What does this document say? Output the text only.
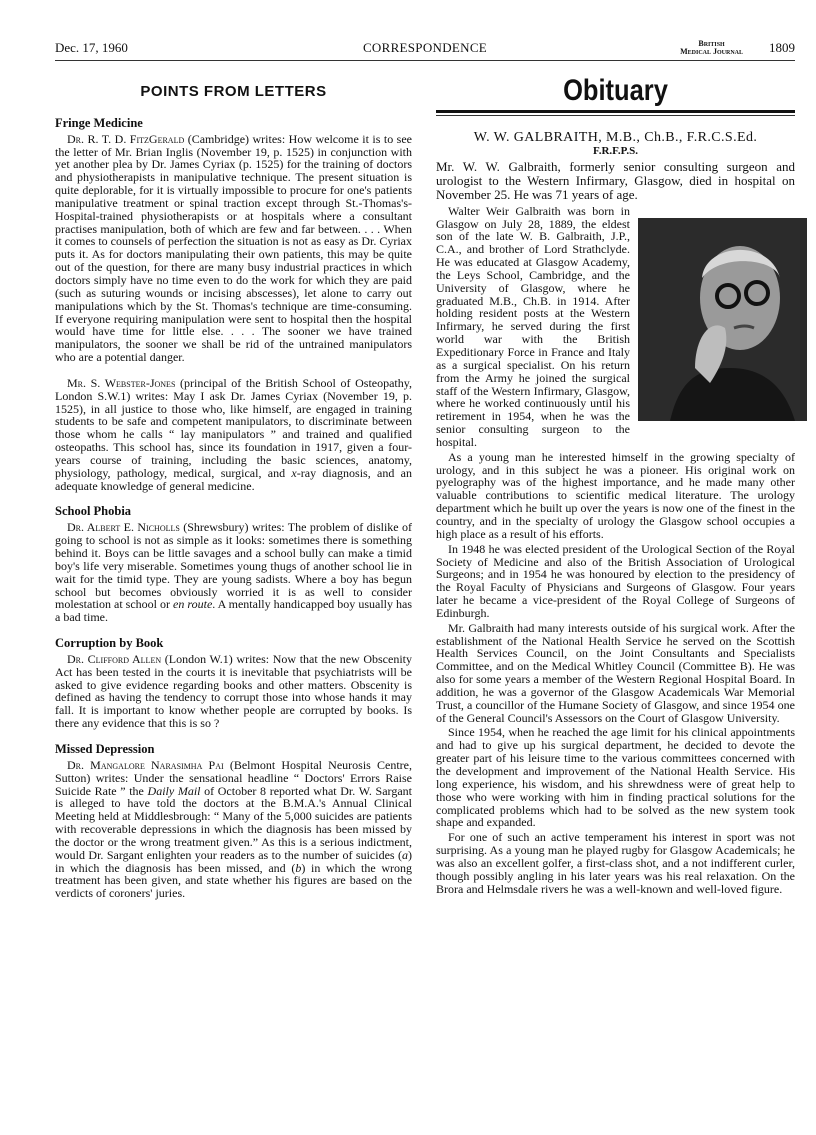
Dec. 17, 1960	CORRESPONDENCE	British
Medical Journal 1809
POINTS FROM LETTERS
Fringe Medicine

Dr. R. T. D. FitzGerald (Cambridge) writes: How welcome it is to see the letter of Mr. Brian Inglis (November 19, p. 1525) in conjunction with yet another plea by Dr. James Cyriax (p. 1525) for the training of doctors and physiotherapists in manipulative technique. The present situation is quite deplorable, for it is virtually impossible to procure for one's patients manipulative treatment or spinal traction except through St.-Thomas's-Hospital-trained physiotherapists or at hospitals where a consultant practises manipulation, both of which are few and far between. . . . When it comes to counsels of perfection the situation is not as easy as Dr. Cyriax puts it. As for doctors manipulating their own patients, this may be quite out of the question, for there are many busy industrial practices in which doctors simply have no time even to do the work for which they are paid (such as suturing wounds or incising abscesses), let alone to carry out manipulations which by the St. Thomas's technique are time-consuming. If everyone requiring manipulation were sent to hospital then the hospital would have time for little else. . . . The sooner we have trained manipulators, the sooner we shall be rid of the untrained manipulators who are a potential danger.

Mr. S. Webster-Jones (principal of the British School of Osteopathy, London S.W.1) writes: May I ask Dr. James Cyriax (November 19, p. 1525), in all justice to those who, like himself, are engaged in training students to be safe and competent manipulators, to discriminate between those whom he calls “ lay manipulators ” and trained and qualified osteopaths. This school has, since its foundation in 1917, given a four-years course of training, including the basic sciences, anatomy, physiology, pathology, medical, surgical, and x-ray diagnosis, and an adequate knowledge of general medicine.

School Phobia

Dr. Albert E. Nicholls (Shrewsbury) writes: The problem of dislike of going to school is not as simple as it looks: sometimes there is something behind it. Boys can be little savages and a school bully can make a timid boy's life very miserable. Sometimes young thugs of another school lie in wait for the timid type. They are young sadists. Where a boy has begun school but becomes obviously worried it is as well to consider molestation at school or en route. A mentally handicapped boy usually has a bad time.

Corruption by Book

Dr. Clifford Allen (London W.1) writes: Now that the new Obscenity Act has been tested in the courts it is inevitable that psychiatrists will be asked to give evidence regarding books and other matters. Obscenity is defined as having the tendency to corrupt those into whose hands it may fall. It is important to know whether people are corrupted by books. Is there any evidence that this is so ?

Missed Depression

Dr. Mangalore Narasimha Pai (Belmont Hospital Neurosis Centre, Sutton) writes: Under the sensational headline “ Doctors' Errors Raise Suicide Rate ” the Daily Mail of October 8 reported what Dr. W. Sargant is alleged to have told the doctors at the B.M.A.'s Annual Clinical Meeting held at Middlesbrough: “ Many of the 5,000 suicides are patients with recoverable depressions in which the diagnosis has been missed by the doctor or the wrong treatment given.” As this is a serious indictment, would Dr. Sargant enlighten your readers as to the number of suicides (a) in which the diagnosis has been missed, and (b) in which the wrong treatment has been given, and state whether his figures are based on the verdicts of coroners' juries.

Obituary
W. W. GALBRAITH, M.B., Ch.B., F.R.C.S.Ed.
F.R.F.P.S.

Mr. W. W. Galbraith, formerly senior consulting surgeon and urologist to the Western Infirmary, Glasgow, died in hospital on November 25. He was 71 years of age.

Walter Weir Galbraith was born in Glasgow on July 28, 1889, the eldest son of the late W. B. Galbraith, J.P., C.A., and brother of Lord Strathclyde. He was educated at Glasgow Academy, the Leys School, Cambridge, and the University of Glasgow, where he graduated M.B., Ch.B. in 1914. After holding resident posts at the Western Infirmary, he served during the first world war with the British Expeditionary Force in France and Italy as a surgical specialist. On his return from the Army he joined the surgical staff of the Western Infirmary, Glasgow, where he worked continuously until his retirement in 1954, when he was the senior consulting surgeon to the hospital.

As a young man he interested himself in the growing specialty of urology, and in this subject he was a pioneer. His original work on pyelography was of the highest importance, and he made many other valuable contributions to scientific medical literature. The urology department which he built up over the years is now one of the finest in the country, and in the specialty of urology the Glasgow school occupies a high place as a result of his efforts.

In 1948 he was elected president of the Urological Section of the Royal Society of Medicine and also of the British Association of Urological Surgeons; and in 1954 he was honoured by election to the presidency of the Royal Faculty of Physicians and Surgeons of Glasgow. Four years later he became a vice-president of the Royal College of Surgeons of Edinburgh.

Mr. Galbraith had many interests outside of his surgical work. After the establishment of the National Health Service he served on the Scottish Health Services Council, on the Joint Consultants and Specialists Committee, and on the Medical Whitley Council (Committee B). He was also for some years a member of the Western Regional Hospital Board. In addition, he was a governor of the Glasgow Academicals War Memorial Trust, a councillor of the Humane Society of Glasgow, and since 1954 one of the General Council's Assessors on the Court of Glasgow University.

Since 1954, when he reached the age limit for his clinical appointments and had to give up his surgical department, he decided to devote the greater part of his leisure time to the various committees concerned with the development and improvement of the National Health Service. His long experience, his wisdom, and his shrewdness were of great help to those who were working with him in finding practical solutions for the complicated problems which had to be solved as the new system took shape and expanded.

For one of such an active temperament his interest in sport was not surprising. As a young man he played rugby for Glasgow Academicals; he was also an excellent golfer, a first-class shot, and a not indifferent curler, though possibly angling in his later years was his real relaxation. On the Brora and Helmsdale rivers he was a well-known and well-loved figure.
